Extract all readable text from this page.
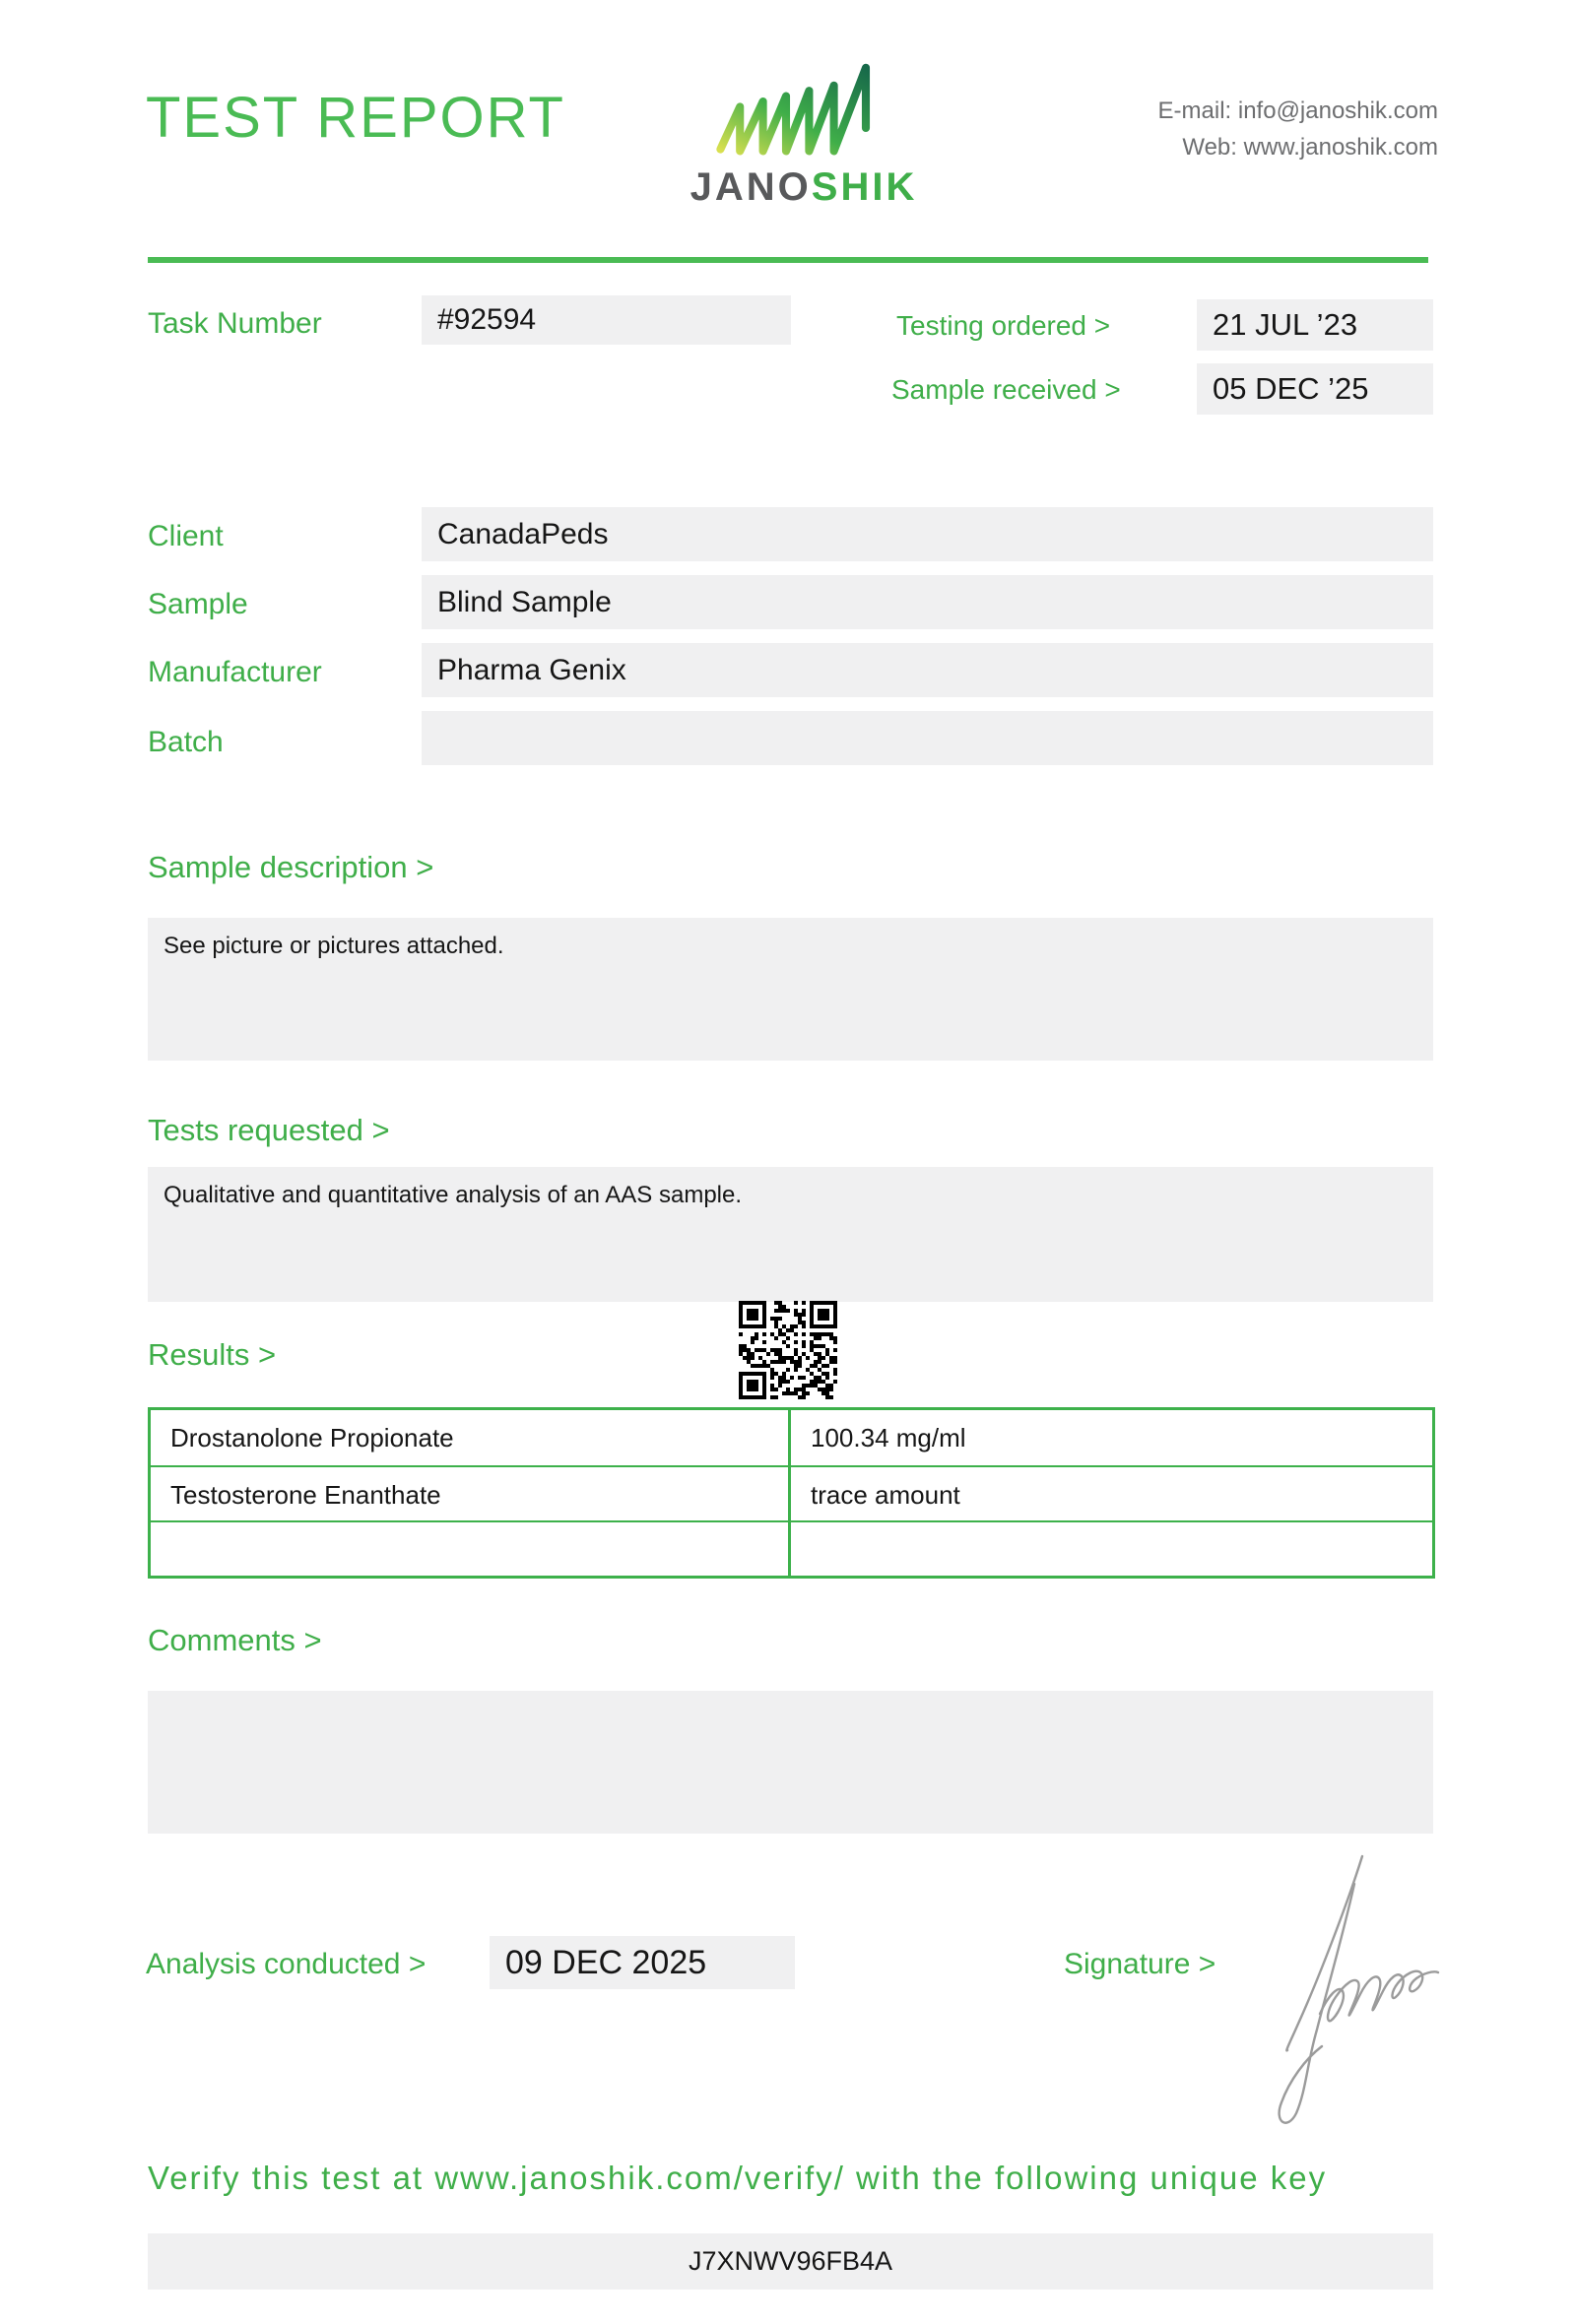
TEST REPORT
JANOSHIK
E-mail: info@janoshik.com
Web: www.janoshik.com
Task Number	#92594	Testing ordered >	21 JUL ’23
Sample received >	05 DEC ’25
Client	CanadaPeds
Sample	Blind Sample
Manufacturer	Pharma Genix
Batch
Sample description >
See picture or pictures attached.
Tests requested >
Qualitative and quantitative analysis of an AAS sample.
Results >
Drostanolone Propionate	100.34 mg/ml
Testosterone Enanthate	trace amount
Comments >
Analysis conducted >	09 DEC 2025	Signature >
Verify this test at www.janoshik.com/verify/ with the following unique key
J7XNWV96FB4A
